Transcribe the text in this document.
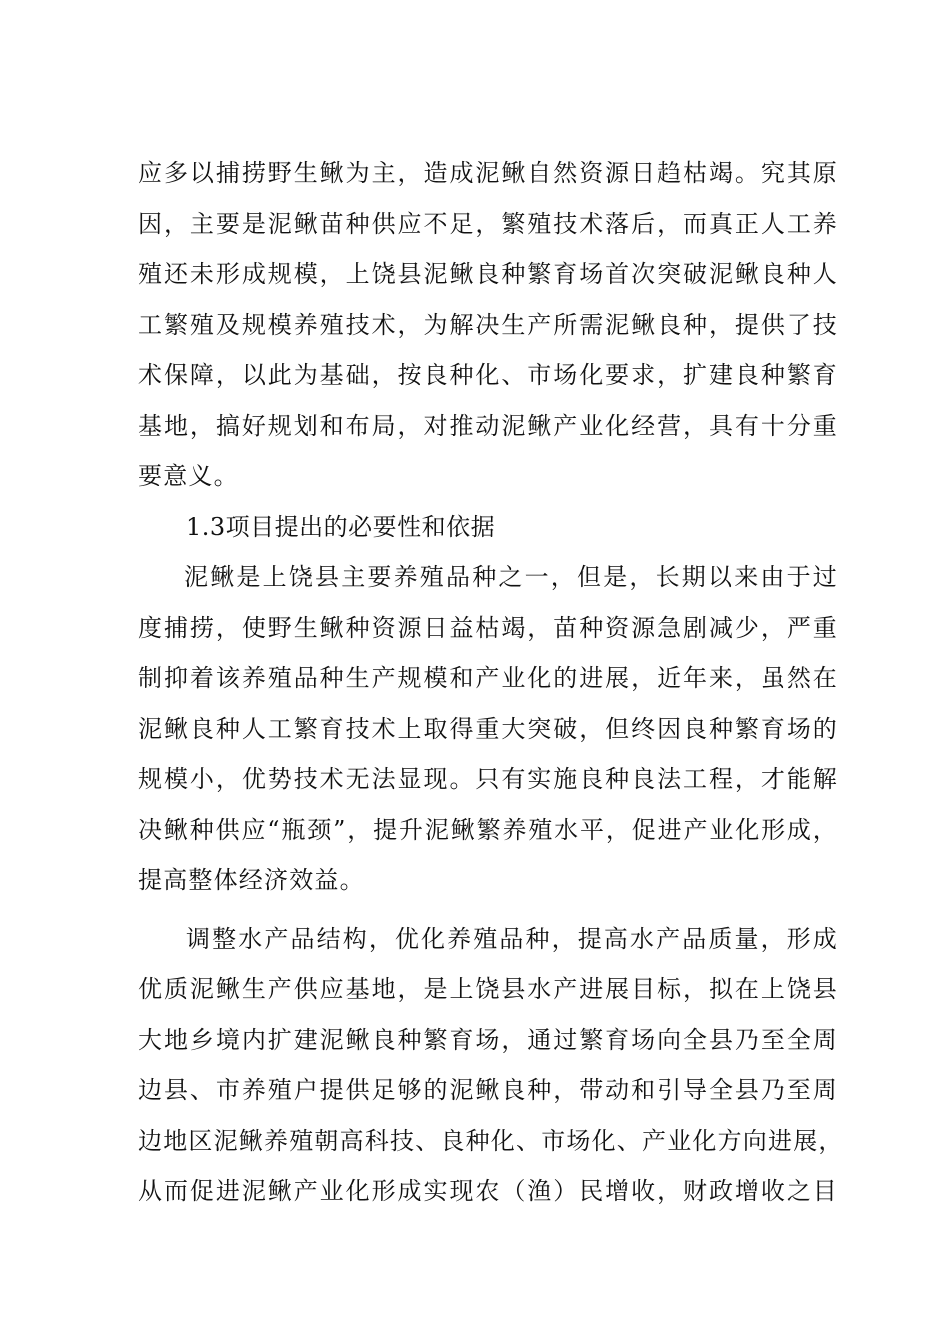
应多以捕捞野生鳅为主，造成泥鳅自然资源日趋枯竭。究其原
因，主要是泥鳅苗种供应不足，繁殖技术落后，而真正人工养
殖还未形成规模，上饶县泥鳅良种繁育场首次突破泥鳅良种人
工繁殖及规模养殖技术，为解决生产所需泥鳅良种，提供了技
术保障，以此为基础，按良种化、市场化要求，扩建良种繁育
基地，搞好规划和布局，对推动泥鳅产业化经营，具有十分重
要意义。
1.3项目提出的必要性和依据
泥鳅是上饶县主要养殖品种之一，但是，长期以来由于过
度捕捞，使野生鳅种资源日益枯竭，苗种资源急剧减少，严重
制抑着该养殖品种生产规模和产业化的进展，近年来，虽然在
泥鳅良种人工繁育技术上取得重大突破，但终因良种繁育场的
规模小，优势技术无法显现。只有实施良种良法工程，才能解
决鳅种供应“瓶颈”，提升泥鳅繁养殖水平，促进产业化形成，
提高整体经济效益。
调整水产品结构，优化养殖品种，提高水产品质量，形成
优质泥鳅生产供应基地，是上饶县水产进展目标，拟在上饶县
大地乡境内扩建泥鳅良种繁育场，通过繁育场向全县乃至全周
边县、市养殖户提供足够的泥鳅良种，带动和引导全县乃至周
边地区泥鳅养殖朝高科技、良种化、市场化、产业化方向进展，
从而促进泥鳅产业化形成实现农（渔）民增收，财政增收之目
